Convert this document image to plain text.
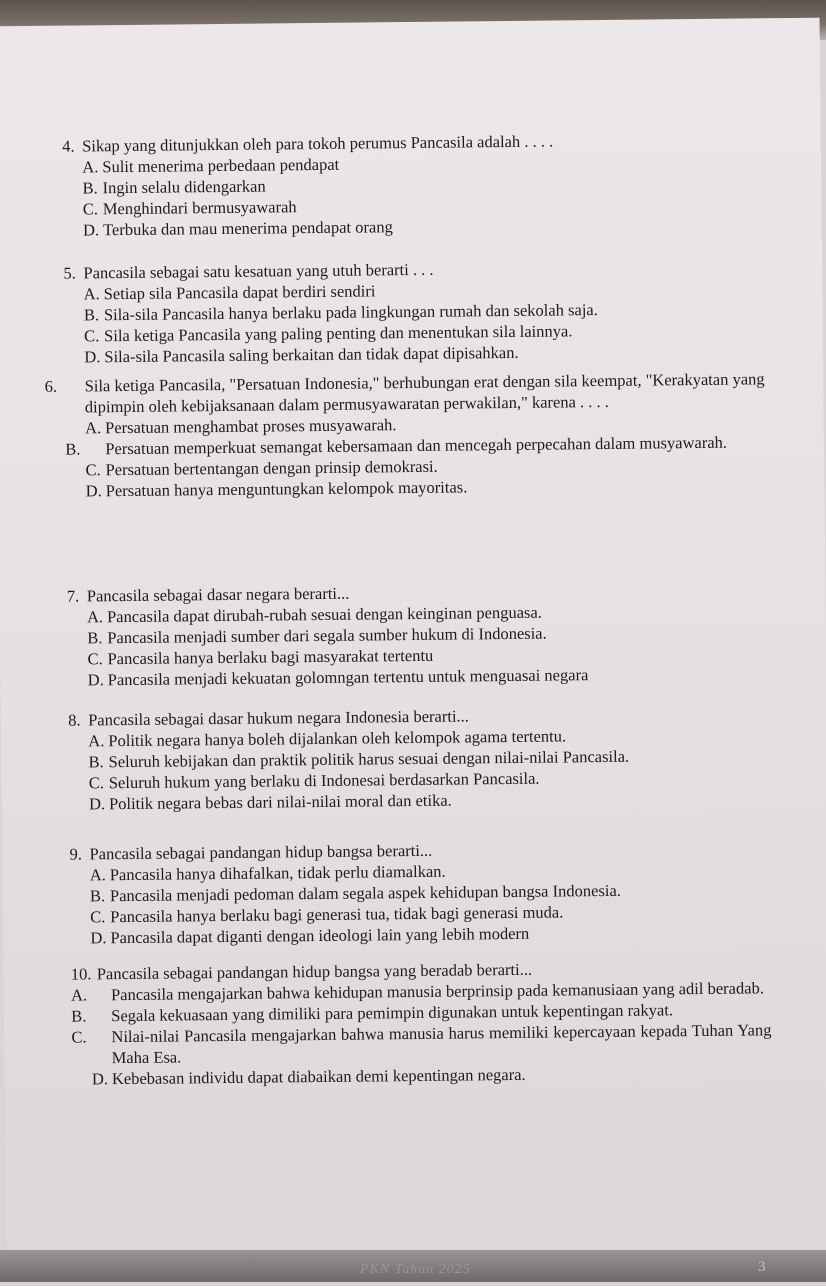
4. Sikap yang ditunjukkan oleh para tokoh perumus Pancasila adalah . . . .

A. Sulit menerima perbedaan pendapat
B. Ingin selalu didengarkan
C. Menghindari bermusyawarah
D. Terbuka dan mau menerima pendapat orang

5. Pancasila sebagai satu kesatuan yang utuh berarti . . .

A. Setiap sila Pancasila dapat berdiri sendiri
B. Sila-sila Pancasila hanya berlaku pada lingkungan rumah dan sekolah saja.
C. Sila ketiga Pancasila yang paling penting dan menentukan sila lainnya.
D. Sila-sila Pancasila saling berkaitan dan tidak dapat dipisahkan.

6. Sila ketiga Pancasila, "Persatuan Indonesia," berhubungan erat dengan sila keempat, "Kerakyatan yang dipimpin oleh kebijaksanaan dalam permusyawaratan perwakilan," karena . . . .

A. Persatuan menghambat proses musyawarah.
B. Persatuan memperkuat semangat kebersamaan dan mencegah perpecahan dalam musyawarah.
C. Persatuan bertentangan dengan prinsip demokrasi.
D. Persatuan hanya menguntungkan kelompok mayoritas.

7. Pancasila sebagai dasar negara berarti...

A. Pancasila dapat dirubah-rubah sesuai dengan keinginan penguasa.
B. Pancasila menjadi sumber dari segala sumber hukum di Indonesia.
C. Pancasila hanya berlaku bagi masyarakat tertentu
D. Pancasila menjadi kekuatan golomngan tertentu untuk menguasai negara

8. Pancasila sebagai dasar hukum negara Indonesia berarti...

A. Politik negara hanya boleh dijalankan oleh kelompok agama tertentu.
B. Seluruh kebijakan dan praktik politik harus sesuai dengan nilai-nilai Pancasila.
C. Seluruh hukum yang berlaku di Indonesai berdasarkan Pancasila.
D. Politik negara bebas dari nilai-nilai moral dan etika.

9. Pancasila sebagai pandangan hidup bangsa berarti...

A. Pancasila hanya dihafalkan, tidak perlu diamalkan.
B. Pancasila menjadi pedoman dalam segala aspek kehidupan bangsa Indonesia.
C. Pancasila hanya berlaku bagi generasi tua, tidak bagi generasi muda.
D. Pancasila dapat diganti dengan ideologi lain yang lebih modern

10. Pancasila sebagai pandangan hidup bangsa yang beradab berarti...

A. Pancasila mengajarkan bahwa kehidupan manusia berprinsip pada kemanusiaan yang adil beradab.
B. Segala kekuasaan yang dimiliki para pemimpin digunakan untuk kepentingan rakyat.
C. Nilai-nilai Pancasila mengajarkan bahwa manusia harus memiliki kepercayaan kepada Tuhan Yang Maha Esa.
D. Kebebasan individu dapat diabaikan demi kepentingan negara.
PKN Tahun 2025	3
